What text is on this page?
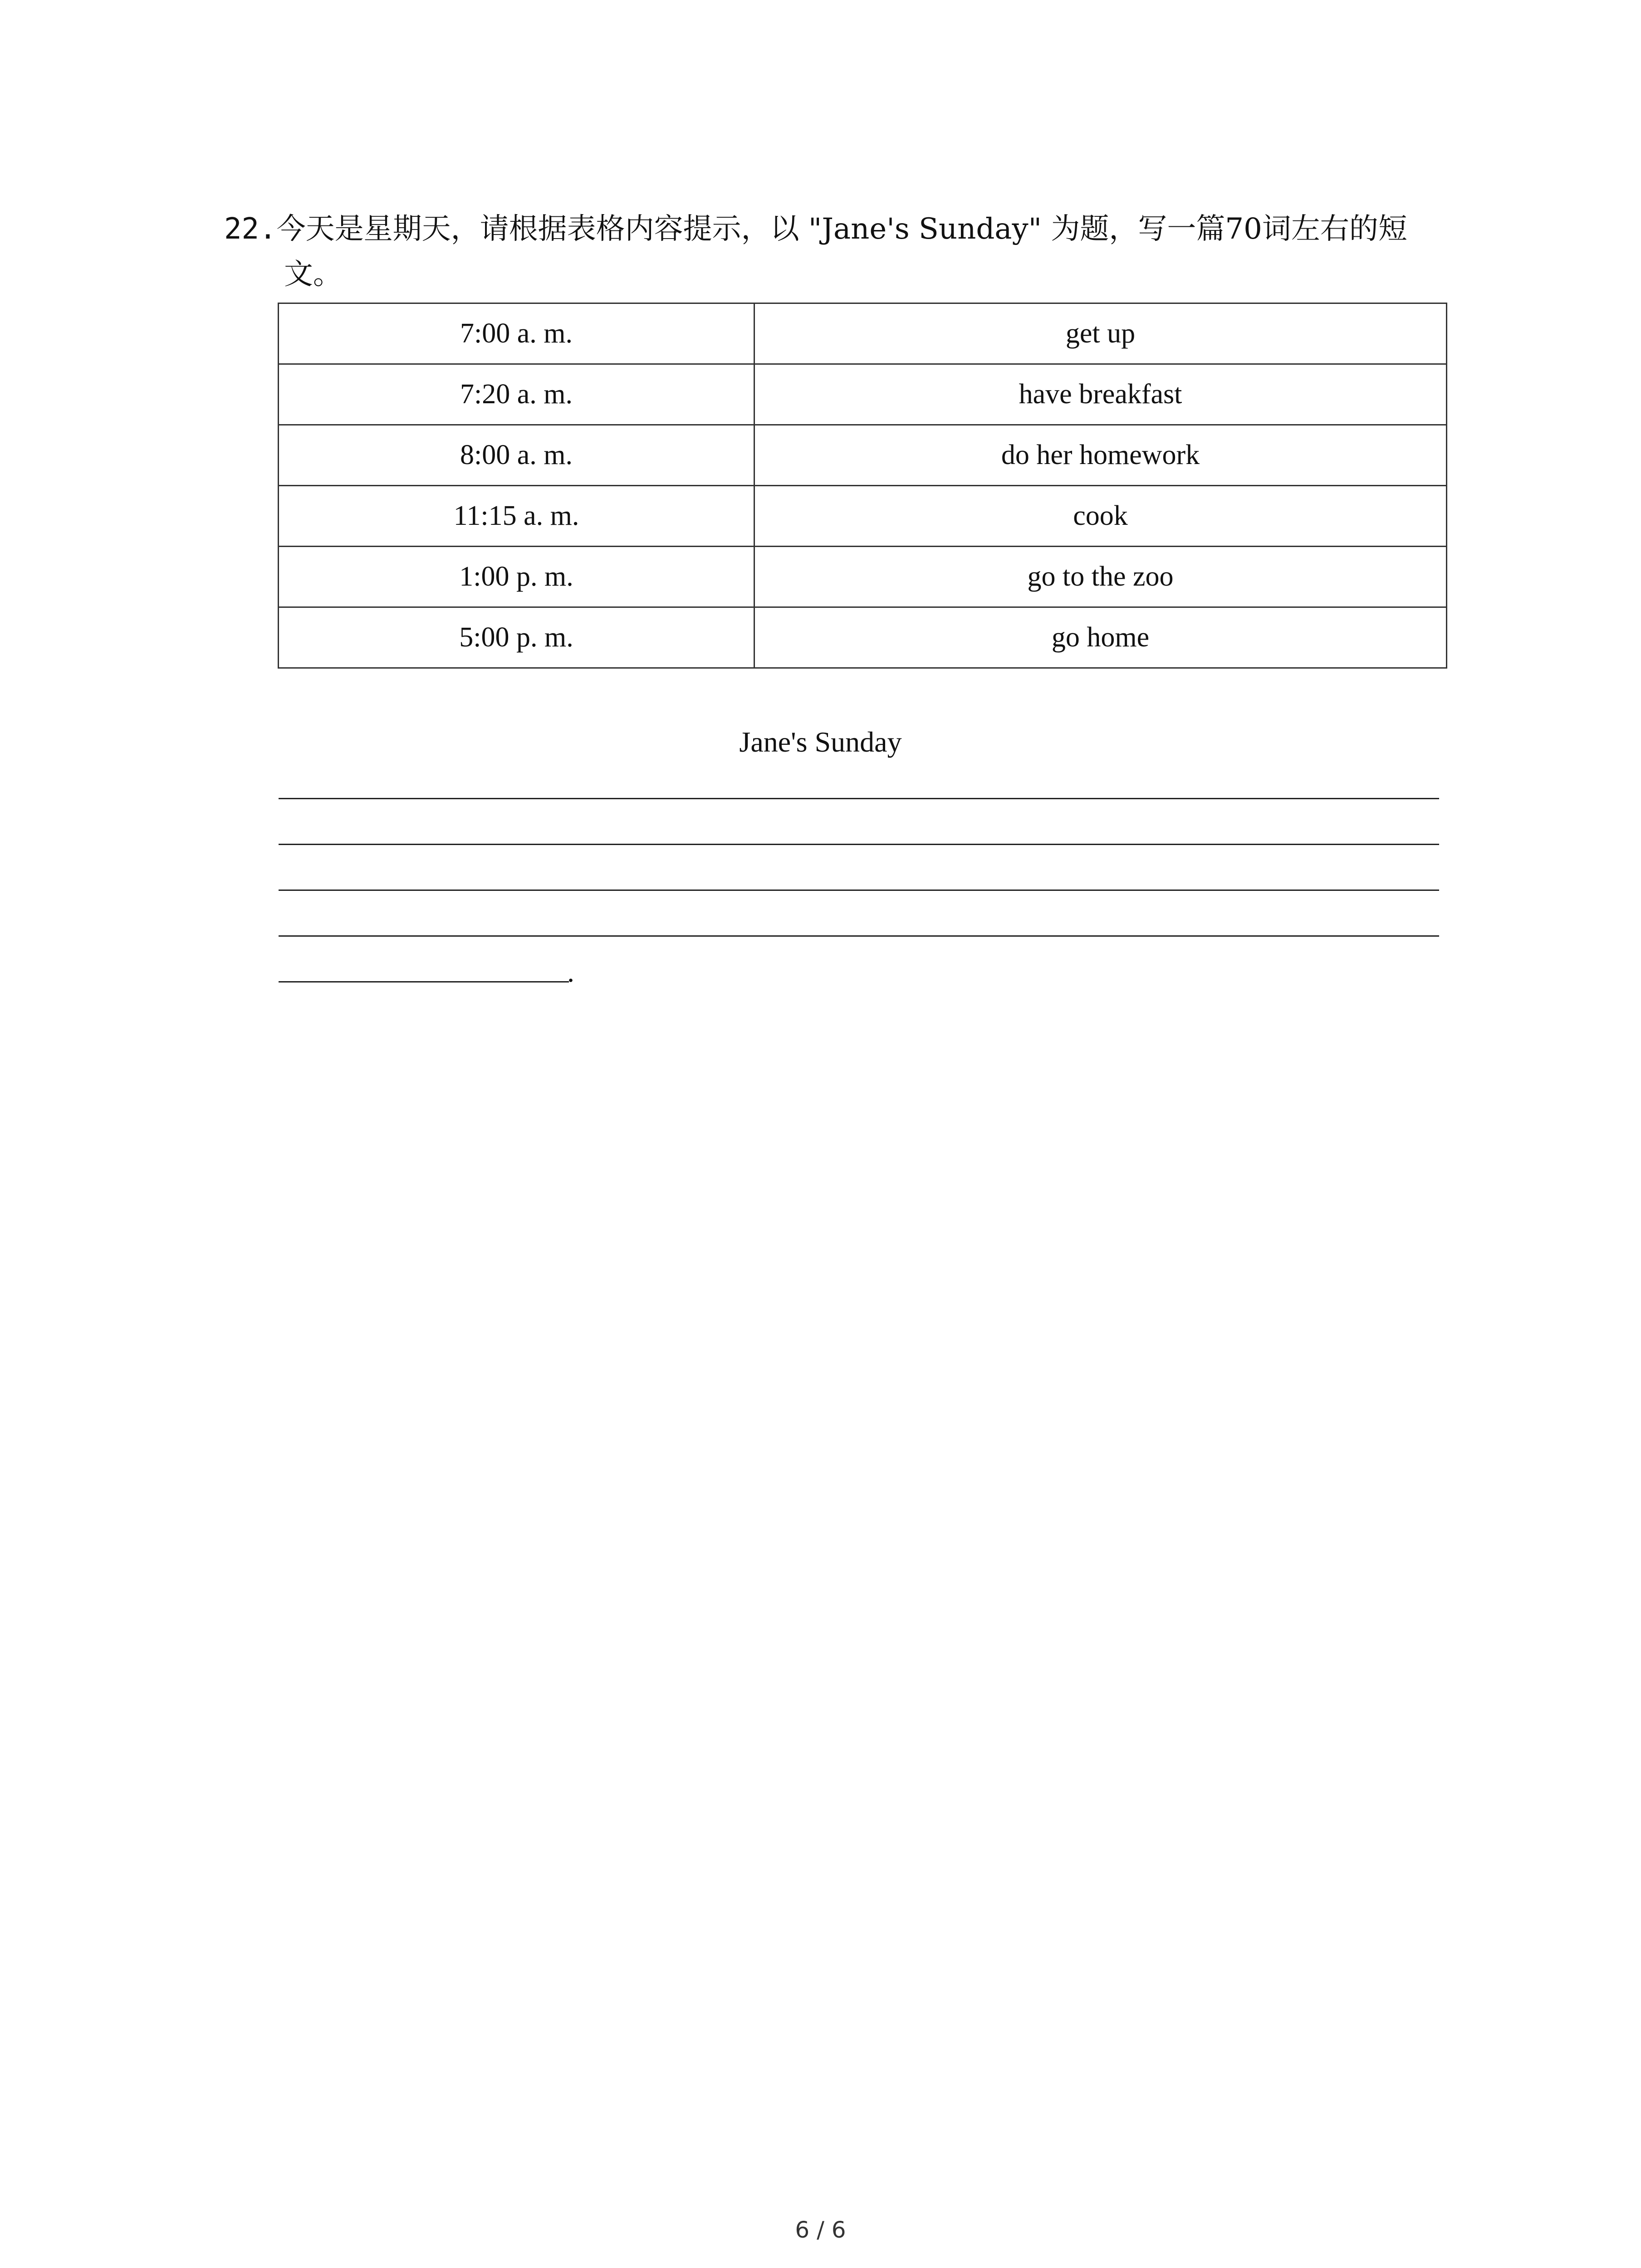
22.今天是星期天，请根据表格内容提示，以 "Jane's Sunday" 为题，写一篇70词左右的短
文。
7:00 a. m.	get up
7:20 a. m.	have breakfast
8:00 a. m.	do her homework
11:15 a. m.	cook
1:00 p. m.	go to the zoo
5:00 p. m.	go home
Jane's Sunday
.
6 / 6
